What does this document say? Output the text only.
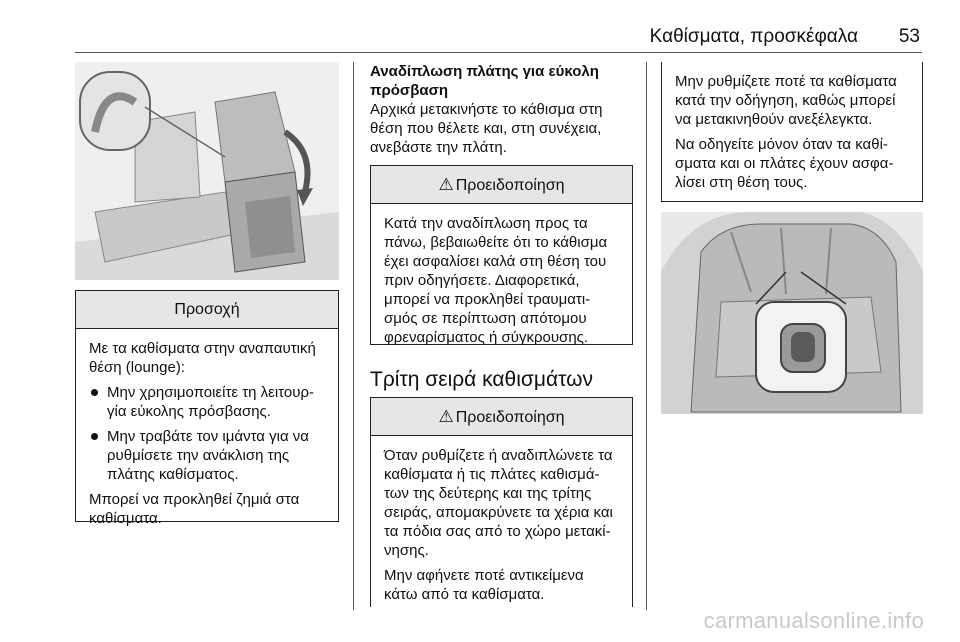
Καθίσματα, προσκέφαλα 53
Προσοχή

Με τα καθίσματα στην αναπαυτική θέση (lounge):

Μην χρησιμοποιείτε τη λειτουρ-γία εύκολης πρόσβασης.
Μην τραβάτε τον ιμάντα για να ρυθμίσετε την ανάκλιση της πλάτης καθίσματος.

Μπορεί να προκληθεί ζημιά στα καθίσματα.

Αναδίπλωση πλάτης για εύκολη πρόσβαση
Αρχικά μετακινήστε το κάθισμα στη θέση που θέλετε και, στη συνέχεια, ανεβάστε την πλάτη.
⚠ Προειδοποίηση

Κατά την αναδίπλωση προς τα πάνω, βεβαιωθείτε ότι το κάθισμα έχει ασφαλίσει καλά στη θέση του πριν οδηγήσετε. Διαφορετικά, μπορεί να προκληθεί τραυματι-σμός σε περίπτωση απότομου φρεναρίσματος ή σύγκρουσης.

Τρίτη σειρά καθισμάτων
⚠ Προειδοποίηση

Όταν ρυθμίζετε ή αναδιπλώνετε τα καθίσματα ή τις πλάτες καθισμά-των της δεύτερης και της τρίτης σειράς, απομακρύνετε τα χέρια και τα πόδια σας από το χώρο μετακί-νησης.

Μην αφήνετε ποτέ αντικείμενα κάτω από τα καθίσματα.

Μην ρυθμίζετε ποτέ τα καθίσματα κατά την οδήγηση, καθώς μπορεί να μετακινηθούν ανεξέλεγκτα.

Να οδηγείτε μόνον όταν τα καθί-σματα και οι πλάτες έχουν ασφα-λίσει στη θέση τους.

carmanualsonline.info
